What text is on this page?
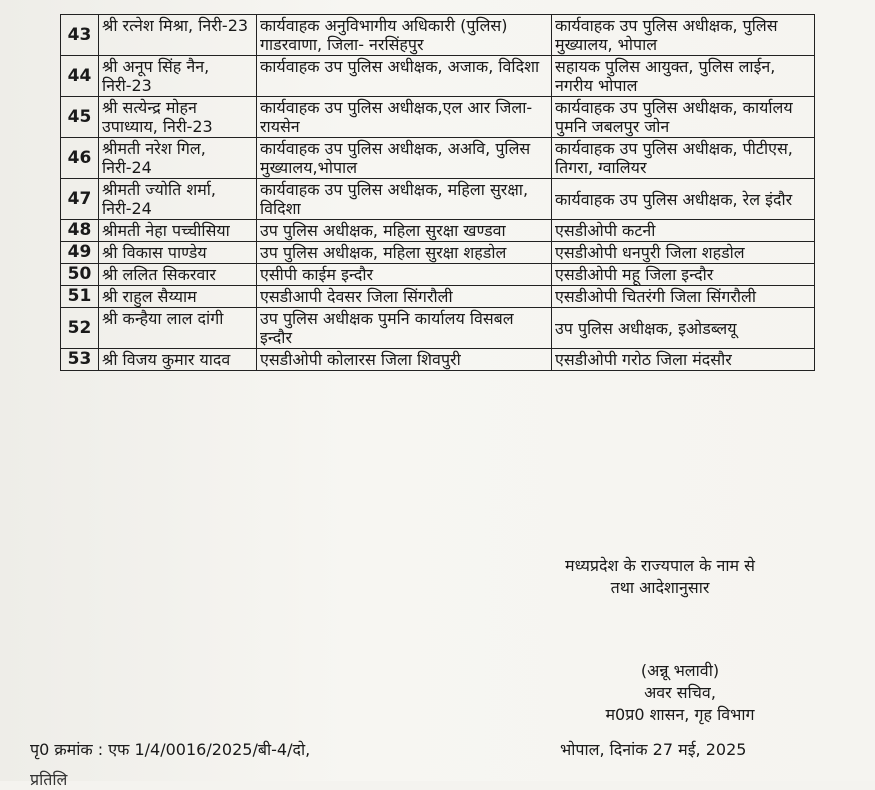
43	श्री रत्नेश मिश्रा, निरी-23	कार्यवाहक अनुविभागीय अधिकारी (पुलिस) गाडरवाणा, जिला- नरसिंहपुर	कार्यवाहक उप पुलिस अधीक्षक, पुलिस मुख्यालय, भोपाल
44	श्री अनूप सिंह नैन, निरी-23	कार्यवाहक उप पुलिस अधीक्षक, अजाक, विदिशा	सहायक पुलिस आयुक्त, पुलिस लाईन, नगरीय भोपाल
45	श्री सत्येन्द्र मोहन उपाध्याय, निरी-23	कार्यवाहक उप पुलिस अधीक्षक,एल आर जिला-रायसेन	कार्यवाहक उप पुलिस अधीक्षक, कार्यालय पुमनि जबलपुर जोन
46	श्रीमती नरेश गिल, निरी-24	कार्यवाहक उप पुलिस अधीक्षक, अअवि, पुलिस मुख्यालय,भोपाल	कार्यवाहक उप पुलिस अधीक्षक, पीटीएस, तिगरा, ग्वालियर
47	श्रीमती ज्योति शर्मा, निरी-24	कार्यवाहक उप पुलिस अधीक्षक, महिला सुरक्षा, विदिशा	कार्यवाहक उप पुलिस अधीक्षक, रेल इंदौर
48	श्रीमती नेहा पच्चीसिया	उप पुलिस अधीक्षक, महिला सुरक्षा खण्डवा	एसडीओपी कटनी
49	श्री विकास पाण्डेय	उप पुलिस अधीक्षक, महिला सुरक्षा शहडोल	एसडीओपी धनपुरी जिला शहडोल
50	श्री ललित सिकरवार	एसीपी काईम इन्दौर	एसडीओपी महू जिला इन्दौर
51	श्री राहुल सैय्याम	एसडीआपी देवसर जिला सिंगरौली	एसडीओपी चितरंगी जिला सिंगरौली
52	श्री कन्हैया लाल दांगी	उप पुलिस अधीक्षक पुमनि कार्यालय विसबल इन्दौर	उप पुलिस अधीक्षक, इओडब्लयू
53	श्री विजय कुमार यादव	एसडीओपी कोलारस जिला शिवपुरी	एसडीओपी गरोठ जिला मंदसौर
मध्यप्रदेश के राज्यपाल के नाम से
तथा आदेशानुसार
(अन्नू भलावी)
अवर सचिव,
म0प्र0 शासन, गृह विभाग
पृ0 क्रमांक : एफ 1/4/0016/2025/बी-4/दो,	भोपाल, दिनांक 27 मई, 2025
प्रतिलि
